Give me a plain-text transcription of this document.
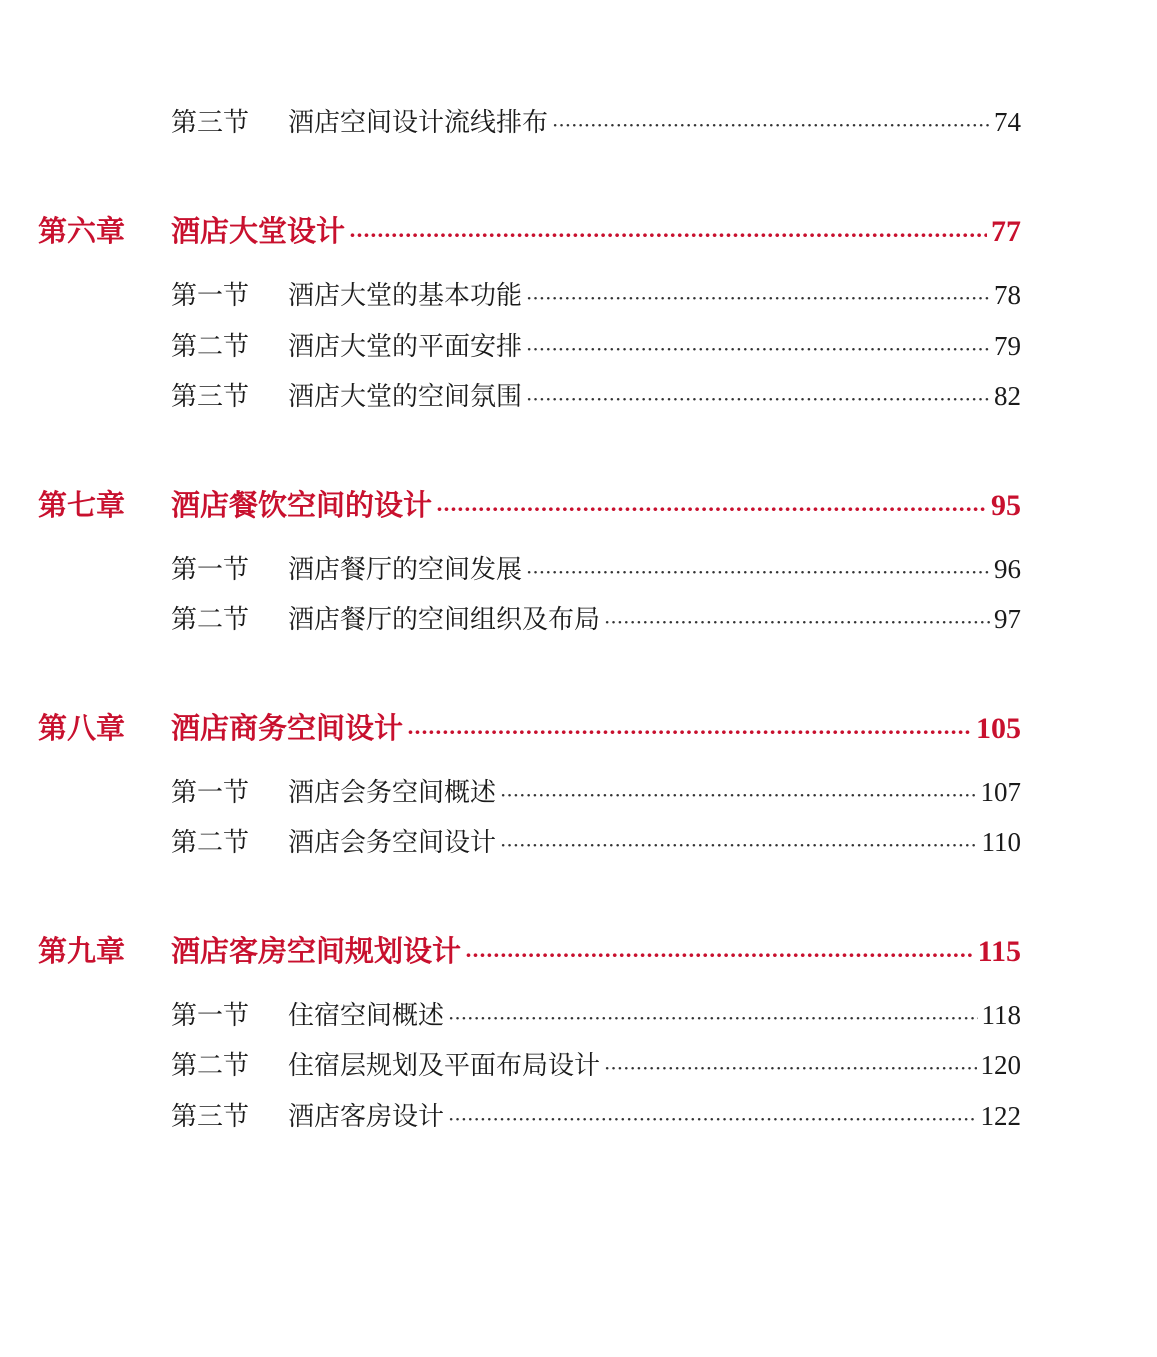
第三节	酒店空间设计流线排布 ·····	74
第六章	酒店大堂设计 ·····	77
第一节	酒店大堂的基本功能 ·····	78
第二节	酒店大堂的平面安排 ·····	79
第三节	酒店大堂的空间氛围 ·····	82
第七章	酒店餐饮空间的设计 ·····	95
第一节	酒店餐厅的空间发展 ·····	96
第二节	酒店餐厅的空间组织及布局 ·····	97
第八章	酒店商务空间设计 ·····	105
第一节	酒店会务空间概述 ·····	107
第二节	酒店会务空间设计 ·····	110
第九章	酒店客房空间规划设计 ·····	115
第一节	住宿空间概述 ·····	118
第二节	住宿层规划及平面布局设计 ·····	120
第三节	酒店客房设计 ·····	122
